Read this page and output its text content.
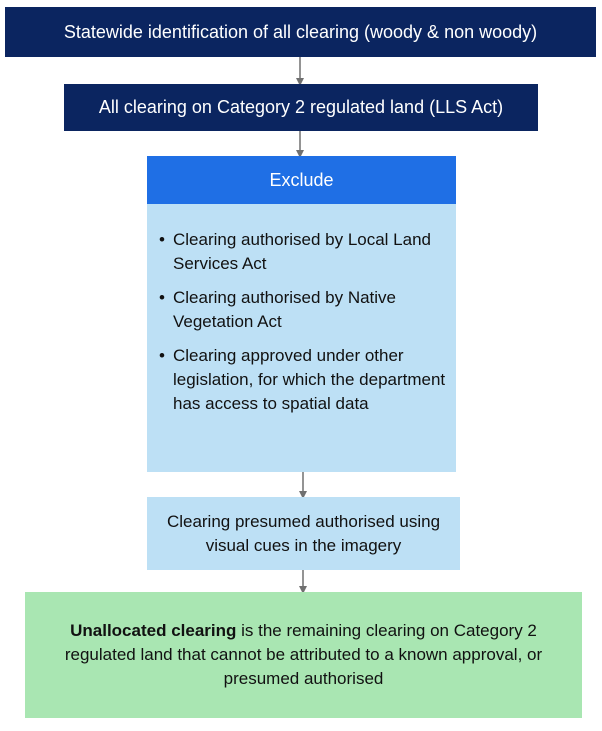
Statewide identification of all clearing (woody & non woody)
All clearing on Category 2 regulated land (LLS Act)
Exclude
• Clearing authorised by Local Land Services Act
• Clearing authorised by Native Vegetation Act
• Clearing approved under other legislation, for which the department has access to spatial data
Clearing presumed authorised using visual cues in the imagery

Unallocated clearing is the remaining clearing on Category 2 regulated land that cannot be attributed to a known approval, or presumed authorised
